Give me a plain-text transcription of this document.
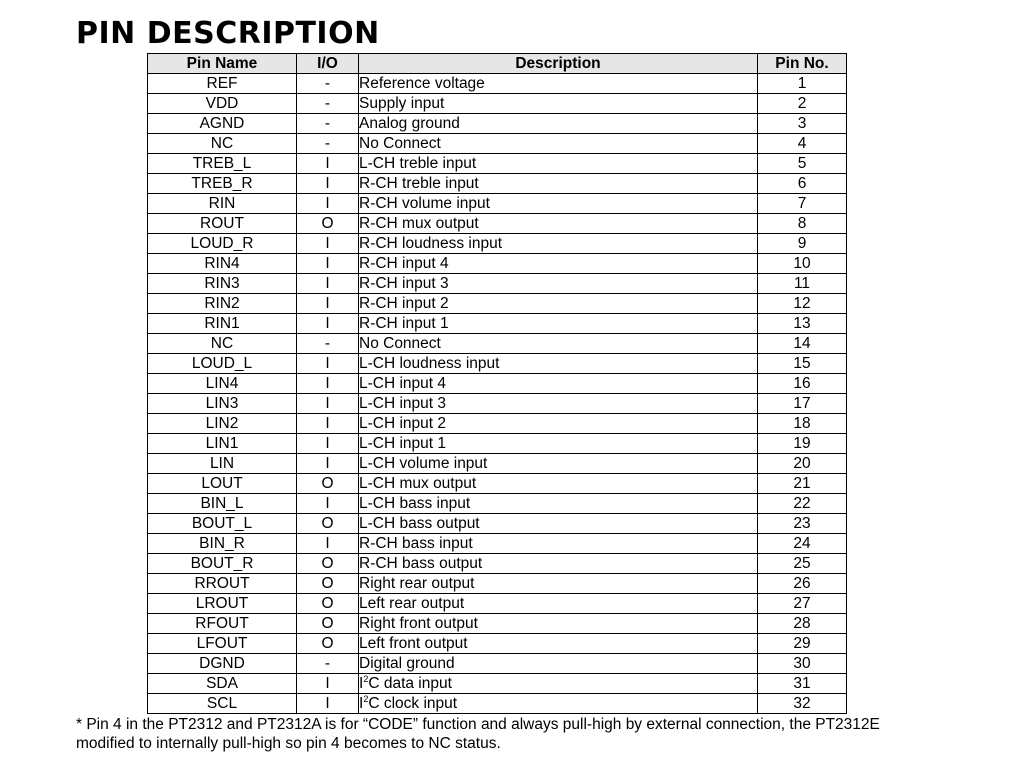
PIN DESCRIPTION
Pin Name	I/O	Description	Pin No.
REF	-	Reference voltage	1
VDD	-	Supply input	2
AGND	-	Analog ground	3
NC	-	No Connect	4
TREB_L	I	L-CH treble input	5
TREB_R	I	R-CH treble input	6
RIN	I	R-CH volume input	7
ROUT	O	R-CH mux output	8
LOUD_R	I	R-CH loudness input	9
RIN4	I	R-CH input 4	10
RIN3	I	R-CH input 3	11
RIN2	I	R-CH input 2	12
RIN1	I	R-CH input 1	13
NC	-	No Connect	14
LOUD_L	I	L-CH loudness input	15
LIN4	I	L-CH input 4	16
LIN3	I	L-CH input 3	17
LIN2	I	L-CH input 2	18
LIN1	I	L-CH input 1	19
LIN	I	L-CH volume input	20
LOUT	O	L-CH mux output	21
BIN_L	I	L-CH bass input	22
BOUT_L	O	L-CH bass output	23
BIN_R	I	R-CH bass input	24
BOUT_R	O	R-CH bass output	25
RROUT	O	Right rear output	26
LROUT	O	Left rear output	27
RFOUT	O	Right front output	28
LFOUT	O	Left front output	29
DGND	-	Digital ground	30
SDA	I	$I^2C$ data input	31
SCL	I	$I^2C$ clock input	32

* Pin 4 in the PT2312 and PT2312A is for “CODE” function and always pull-high by external connection, the PT2312E
modified to internally pull-high so pin 4 becomes to NC status.
